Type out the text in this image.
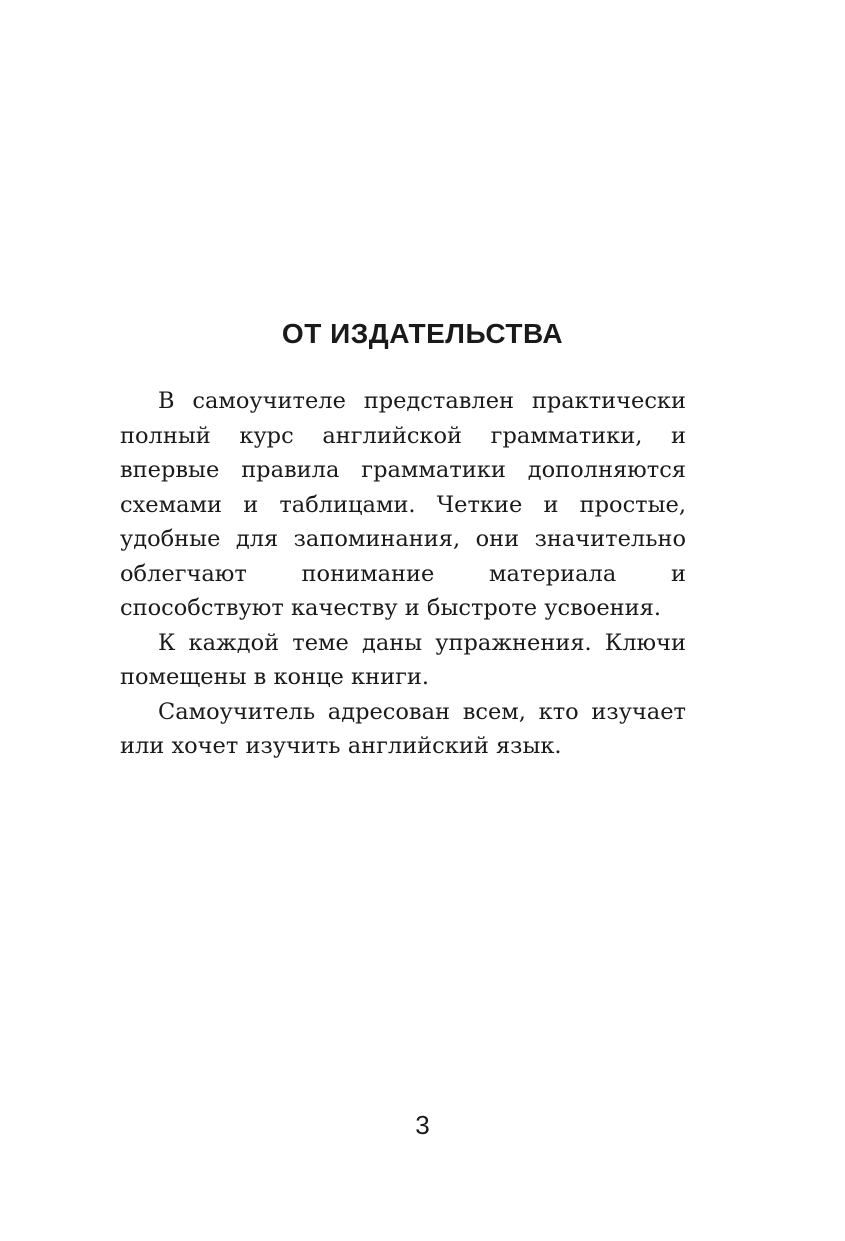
ОТ ИЗДАТЕЛЬСТВА

В самоучителе представлен практически полный курс английской грамматики, и впервые правила грамматики дополняются схемами и таблицами. Четкие и простые, удобные для запоминания, они значительно облегчают понимание материала и способствуют качеству и быстроте усвоения.

К каждой теме даны упражнения. Ключи помещены в конце книги.

Самоучитель адресован всем, кто изучает или хочет изучить английский язык.

3
